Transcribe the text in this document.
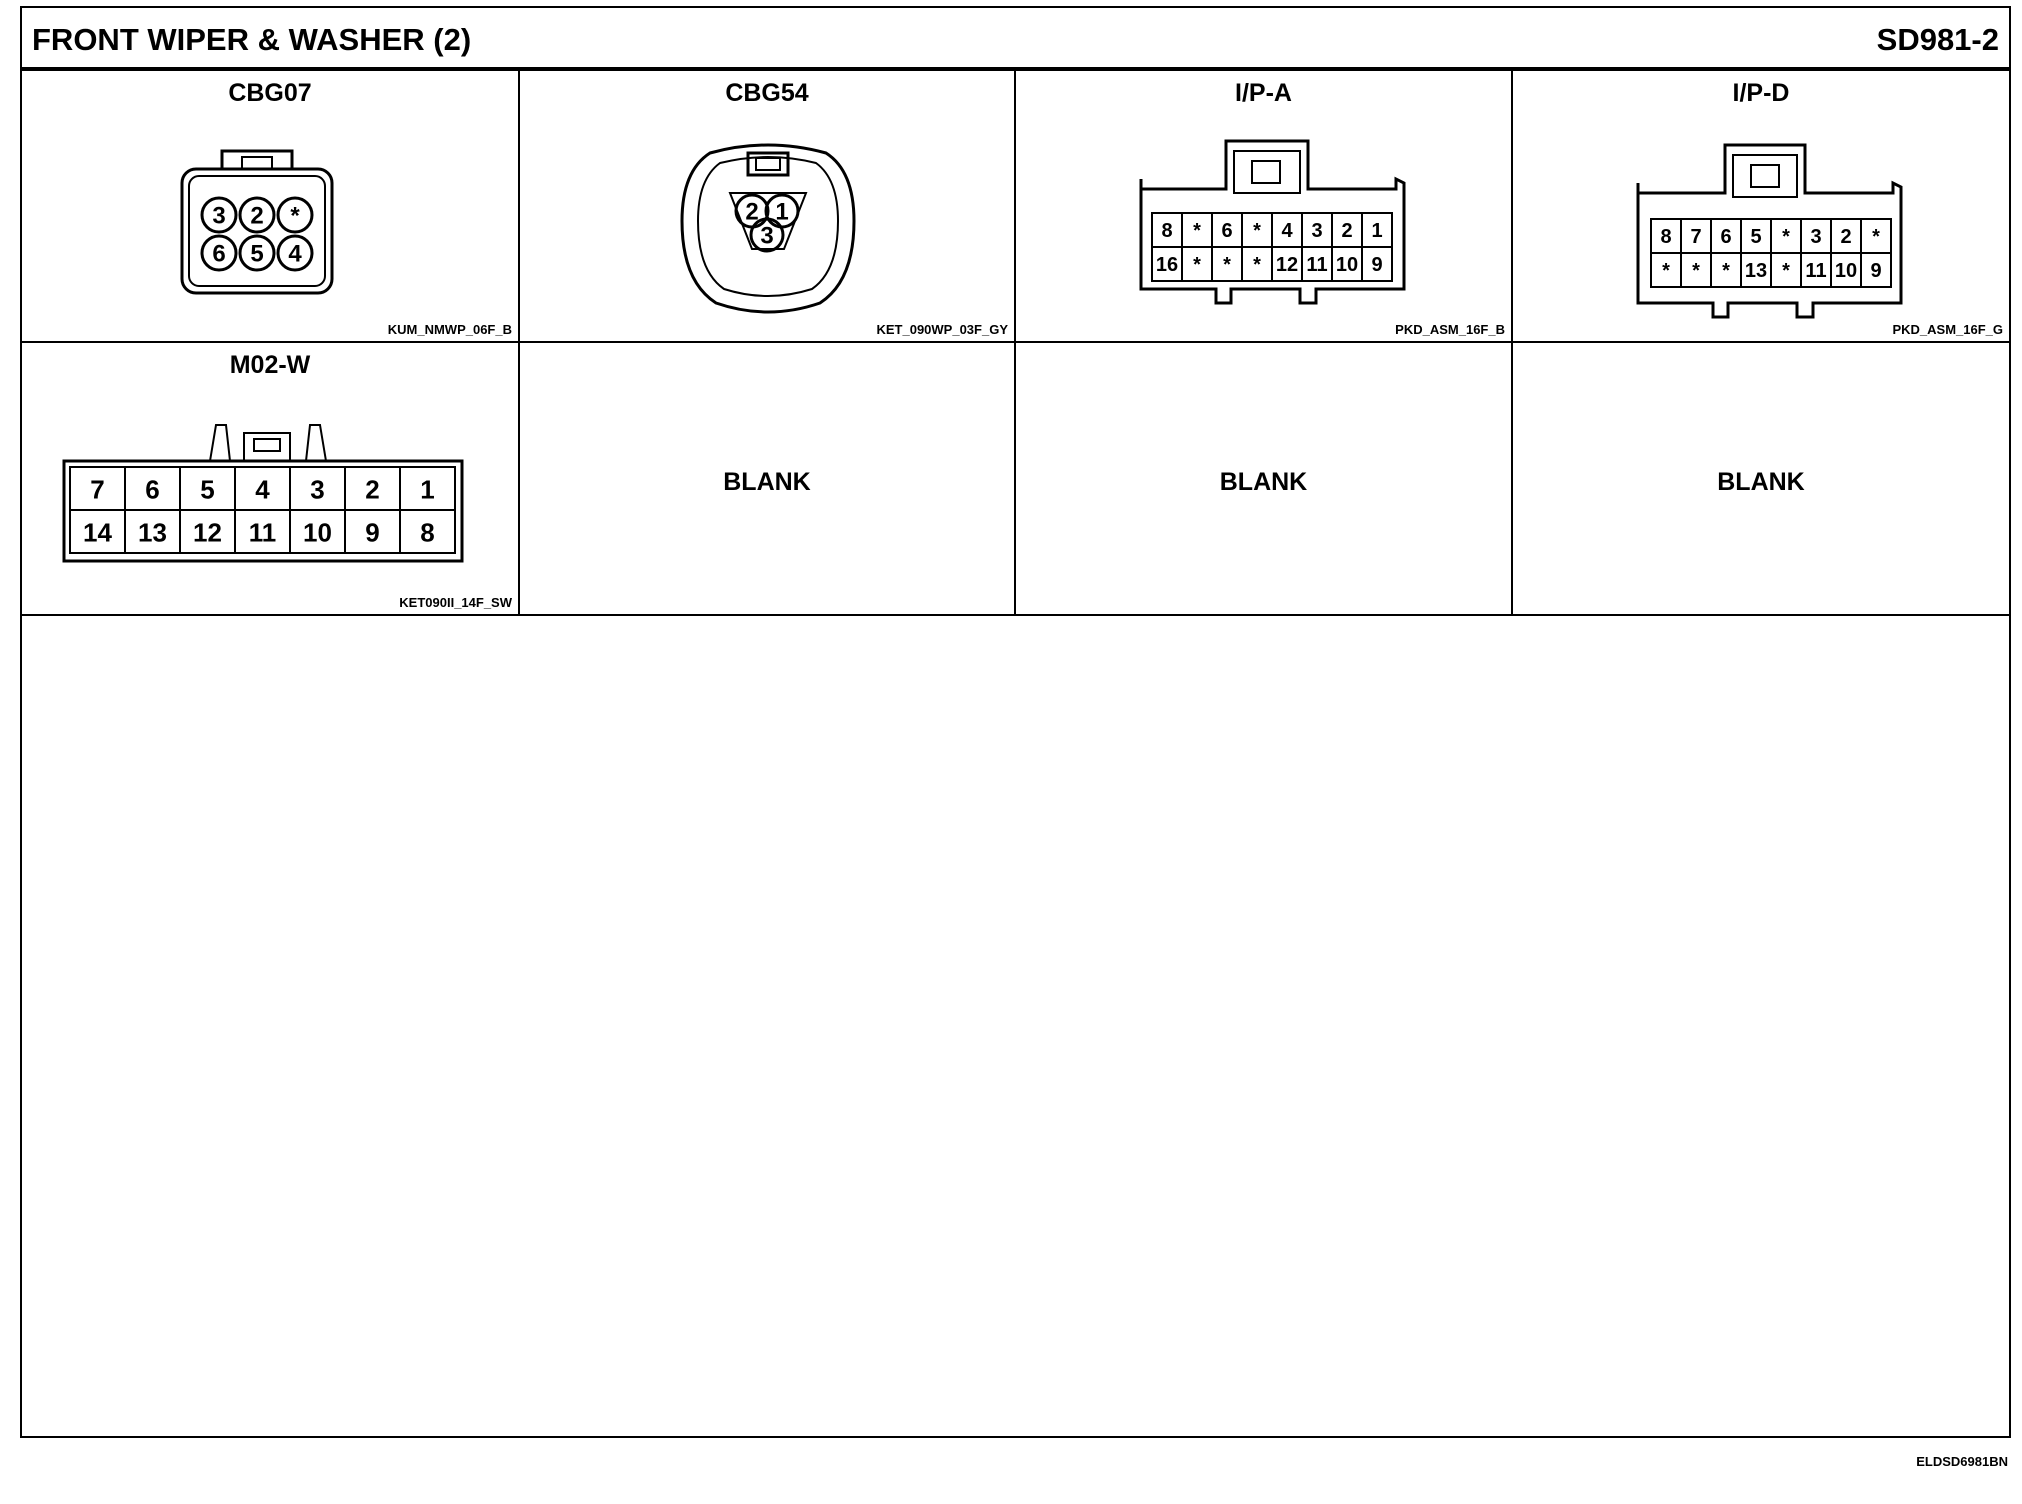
FRONT WIPER & WASHER (2)	SD981-2
CBG07
3 2 *
6 5 4
KUM_NMWP_06F_B
CBG54
2 1
3
KET_090WP_03F_GY
I/P-A
8 * 6 * 4 3 2 1
16 * * * 12 11 10 9
PKD_ASM_16F_B
I/P-D
8 7 6 5 * 3 2 *
* * * 13 * 11 10 9
PKD_ASM_16F_G
M02-W
7 6 5 4 3 2 1
14 13 12 11 10 9 8
KET090II_14F_SW
BLANK	BLANK	BLANK
ELDSD6981BN
